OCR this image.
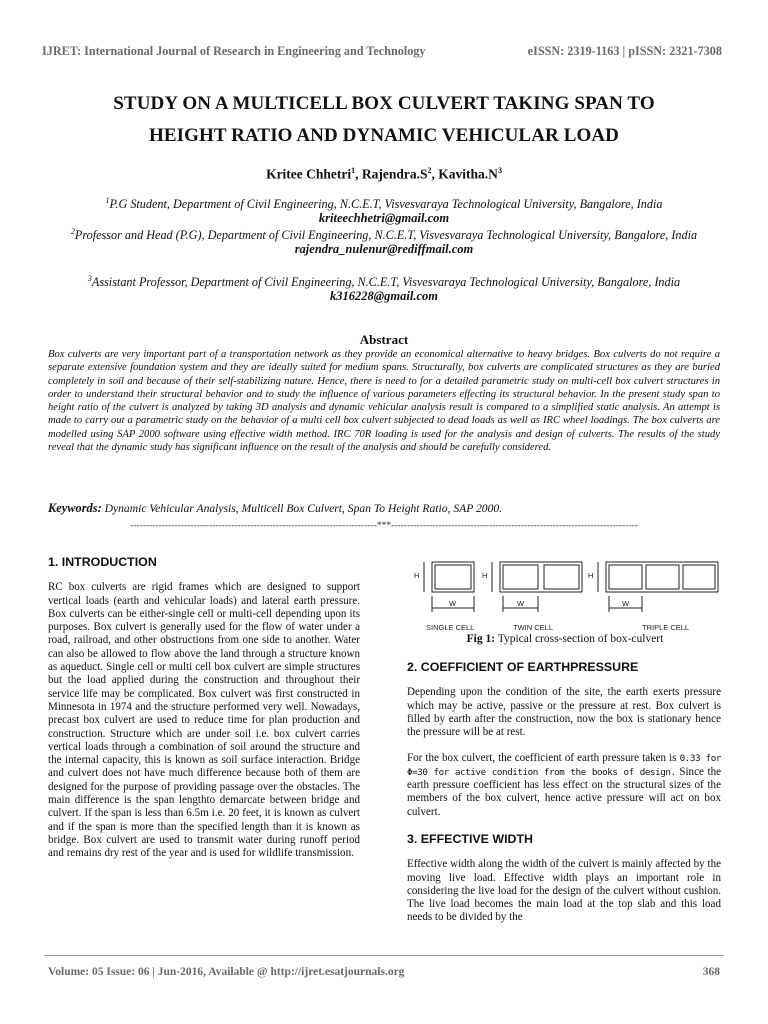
IJRET: International Journal of Research in Engineering and Technology	eISSN: 2319-1163 | pISSN: 2321-7308
STUDY ON A MULTICELL BOX CULVERT TAKING SPAN TO
HEIGHT RATIO AND DYNAMIC VEHICULAR LOAD
Kritee Chhetri$^1$, $Rajendra.S^2$, $Kavitha.N^3$
$^1$P.G Student, Department of Civil Engineering, N.C.E.T, Visvesvaraya Technological University, Bangalore, India
kriteechhetri@gmail.com
$^2$Professor and Head (P.G), Department of Civil Engineering, N.C.E.T, Visvesvaraya Technological University, Bangalore, India
rajendra_nulenur@rediffmail.com
$^3$Assistant Professor, Department of Civil Engineering, N.C.E.T, Visvesvaraya Technological University, Bangalore, India
k316228@gmail.com
Abstract
Box culverts are very important part of a transportation network as they provide an economical alternative to heavy bridges. Box culverts do not require a separate extensive foundation system and they are ideally suited for medium spans. Structurally, box culverts are complicated structures as they are buried completely in soil and because of their self-stabilizing nature. Hence, there is need to for a detailed parametric study on multi-cell box culvert structures in order to understand their structural behavior and to study the influence of various parameters effecting its structural behavior. In the present study span to height ratio of the culvert is analyzed by taking 3D analysis and dynamic vehicular analysis result is compared to a simplified static analysis. An attempt is made to carry out a parametric study on the behavior of a multi cell box culvert subjected to dead loads as well as IRC wheel loadings. The box culverts are modelled using SAP 2000 software using effective width method. IRC 70R loading is used for the analysis and design of culverts. The results of the study reveal that the dynamic study has significant influence on the result of the analysis and should be carefully considered.
Keywords: Dynamic Vehicular Analysis, Multicell Box Culvert, Span To Height Ratio, SAP 2000.
------------------------------------------------------------------------------***------------------------------------------------------------------------------
1. INTRODUCTION

RC box culverts are rigid frames which are designed to support vertical loads (earth and vehicular loads) and lateral earth pressure. Box culverts can be either-single cell or multi-cell depending upon its purposes. Box culvert is generally used for the flow of water under a road, railroad, and other obstructions from one side to another. Water can also be allowed to flow above the land through a structure known as aqueduct. Single cell or multi cell box culvert are simple structures but the load applied during the construction and throughout their service life may be complicated. Box culvert was first constructed in Minnesota in 1974 and the structure performed very well. Nowadays, precast box culvert are used to reduce time for plan production and construction. Structure which are under soil i.e. box culvert carries vertical loads through a combination of soil around the structure and the internal capacity, this is known as soil surface interaction. Bridge and culvert does not have much difference because both of them are designed for the purpose of providing passage over the obstacles. The main difference is the span lengthto demarcate between bridge and culvert. If the span is less than 6.5m i.e. 20 feet, it is known as culvert and if the span is more than the specified length than it is known as bridge. Box culvert are used to transmit water during runoff period and remains dry rest of the year and is used for wildlife transmission.

H	H	H
W	W	W
SINGLE CELL	TWIN CELL	TRIPLE CELL
Fig 1: Typical cross-section of box-culvert
2. COEFFICIENT OF EARTHPRESSURE

Depending upon the condition of the site, the earth exerts pressure which may be active, passive or the pressure at rest. Box culvert is filled by earth after the construction, now the box is stationary hence the pressure will be at rest.

For the box culvert, the coefficient of earth pressure taken is 0.33 for Φ=30 for active condition from the books of design. Since the earth pressure coefficient has less effect on the structural sizes of the members of the box culvert, hence active pressure will act on box culvert.

3. EFFECTIVE WIDTH

Effective width along the width of the culvert is mainly affected by the moving live load. Effective width plays an important role in considering the live load for the design of the culvert without cushion. The live load becomes the main load at the top slab and this load needs to be divided by the

Volume: 05 Issue: 06 | Jun-2016, Available @ http://ijret.esatjournals.org	368
